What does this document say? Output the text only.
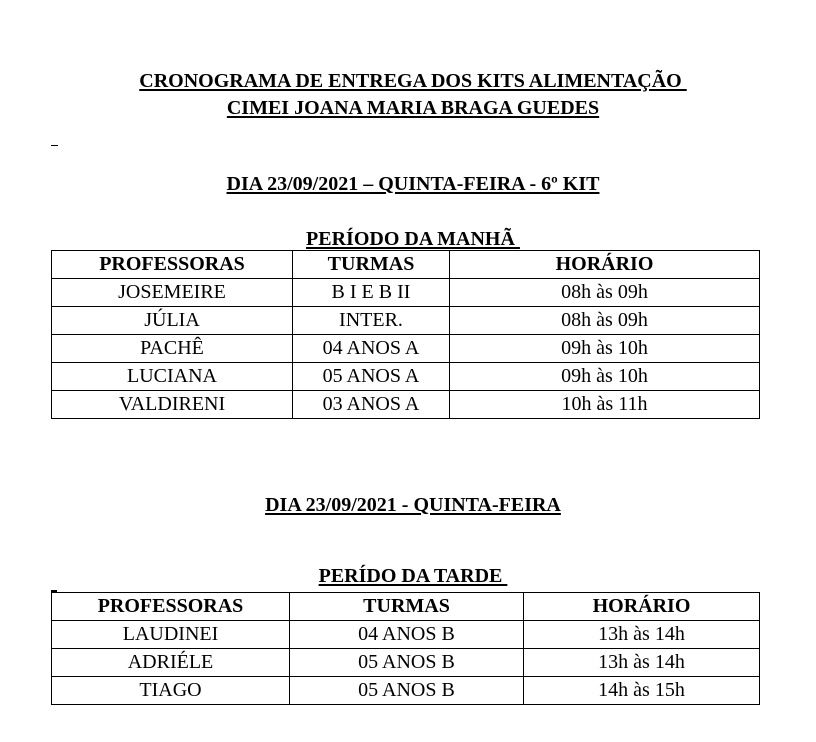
CRONOGRAMA DE ENTREGA DOS KITS ALIMENTAÇÃO

CIMEI JOANA MARIA BRAGA GUEDES

DIA 23/09/2021 – QUINTA-FEIRA - 6º KIT

PERÍODO DA MANHÃ

PROFESSORAS	TURMAS	HORÁRIO
JOSEMEIRE	B I E B II	08h às 09h
JÚLIA	INTER.	08h às 09h
PACHÊ	04 ANOS A	09h às 10h
LUCIANA	05 ANOS A	09h às 10h
VALDIRENI	03 ANOS A	10h às 11h

DIA 23/09/2021 - QUINTA-FEIRA

PERÍDO DA TARDE

PROFESSORAS	TURMAS	HORÁRIO
LAUDINEI	04 ANOS B	13h às 14h
ADRIÉLE	05 ANOS B	13h às 14h
TIAGO	05 ANOS B	14h às 15h
